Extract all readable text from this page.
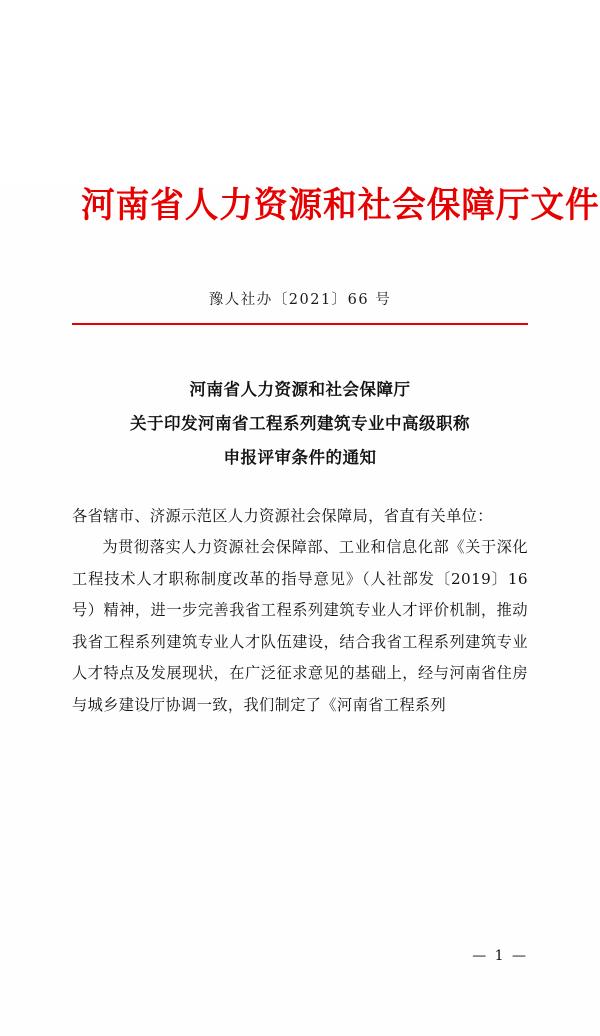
河南省人力资源和社会保障厅文件
豫人社办〔2021〕66 号
河南省人力资源和社会保障厅
关于印发河南省工程系列建筑专业中高级职称
申报评审条件的通知

各省辖市、济源示范区人力资源社会保障局，省直有关单位：

为贯彻落实人力资源社会保障部、工业和信息化部《关于深化工程技术人才职称制度改革的指导意见》（人社部发〔2019〕16 号）精神，进一步完善我省工程系列建筑专业人才评价机制，推动我省工程系列建筑专业人才队伍建设，结合我省工程系列建筑专业人才特点及发展现状，在广泛征求意见的基础上，经与河南省住房与城乡建设厅协调一致，我们制定了《河南省工程系列

— 1 —
